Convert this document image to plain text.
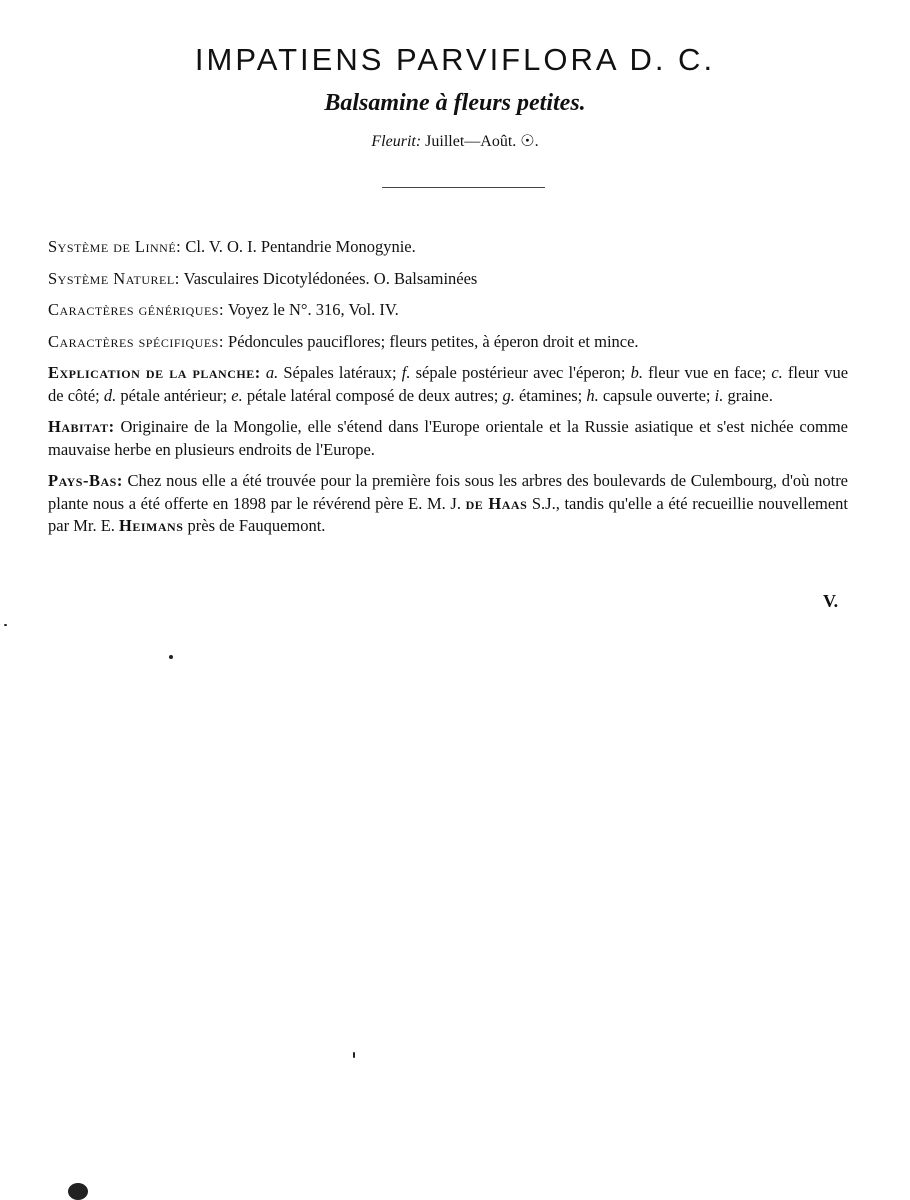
IMPATIENS PARVIFLORA D. C.
Balsamine à fleurs petites.
Fleurit: Juillet—Août. ☉.

Système de Linné: Cl. V. O. I. Pentandrie Monogynie.

Système Naturel: Vasculaires Dicotylédonées. O. Balsaminées

Caractères génériques: Voyez le N°. 316, Vol. IV.

Caractères spécifiques: Pédoncules pauciflores; fleurs petites, à éperon droit et mince.

Explication de la planche: a. Sépales latéraux; f. sépale postérieur avec l'éperon; b. fleur vue en face; c. fleur vue de côté; d. pétale antérieur; e. pétale latéral composé de deux autres; g. étamines; h. capsule ouverte; i. graine.

Habitat: Originaire de la Mongolie, elle s'étend dans l'Europe orientale et la Russie asiatique et s'est nichée comme mauvaise herbe en plusieurs endroits de l'Europe.

Pays-Bas: Chez nous elle a été trouvée pour la première fois sous les arbres des boulevards de Culembourg, d'où notre plante nous a été offerte en 1898 par le révérend père E. M. J. de Haas S.J., tandis qu'elle a été recueillie nouvellement par Mr. E. Heimans près de Fauquemont.

V.
